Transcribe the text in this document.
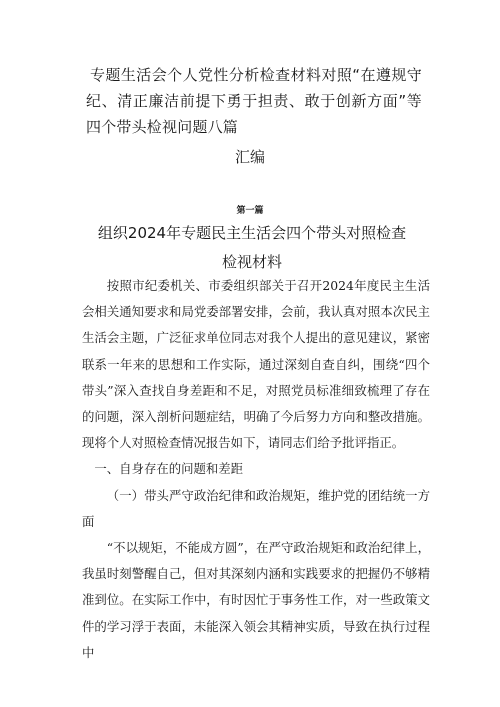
专题生活会个人党性分析检查材料对照“在遵规守纪、清正廉洁前提下勇于担责、敢于创新方面”等四个带头检视问题八篇
汇编
第一篇
组织2024年专题民主生活会四个带头对照检查检视材料

按照市纪委机关、市委组织部关于召开2024年度民主生活会相关通知要求和局党委部署安排，会前，我认真对照本次民主生活会主题，广泛征求单位同志对我个人提出的意见建议，紧密联系一年来的思想和工作实际，通过深刻自查自纠，围绕“四个带头”深入查找自身差距和不足，对照党员标准细致梳理了存在的问题，深入剖析问题症结，明确了今后努力方向和整改措施。现将个人对照检查情况报告如下，请同志们给予批评指正。

一、自身存在的问题和差距

（一）带头严守政治纪律和政治规矩，维护党的团结统一方面

“不以规矩，不能成方圆”，在严守政治规矩和政治纪律上，我虽时刻警醒自己，但对其深刻内涵和实践要求的把握仍不够精准到位。在实际工作中，有时因忙于事务性工作，对一些政策文件的学习浮于表面，未能深入领会其精神实质，导致在执行过程中
